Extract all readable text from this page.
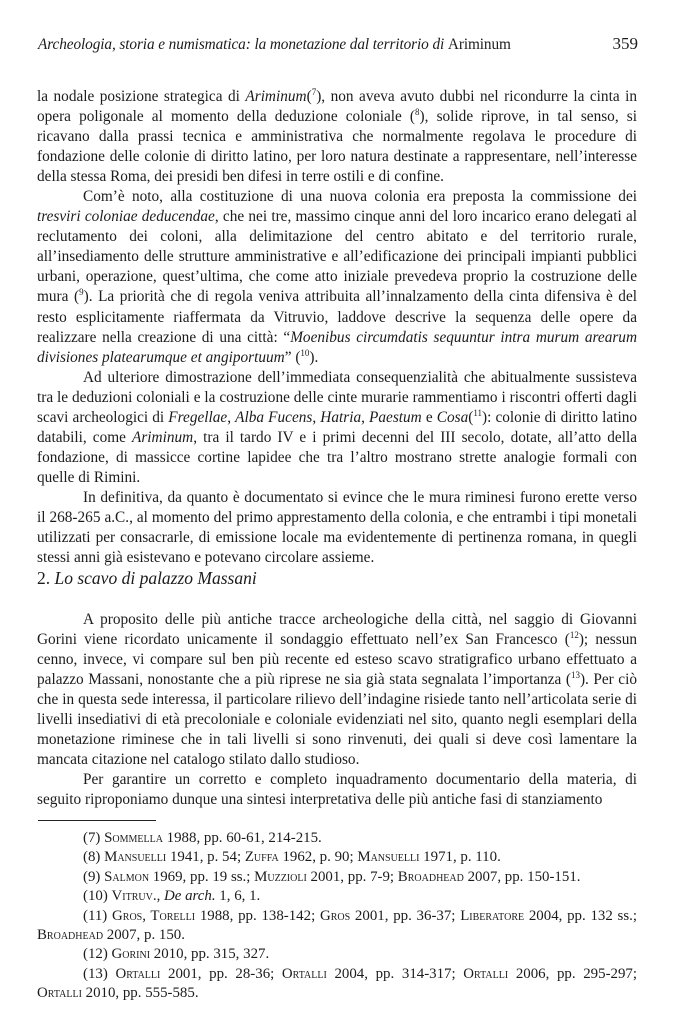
Archeologia, storia e numismatica: la monetazione dal territorio di Ariminum	359

la nodale posizione strategica di Ariminum($^7$), non aveva avuto dubbi nel ricondurre la cinta in opera poligonale al momento della deduzione coloniale ($^8$), solide riprove, in tal senso, si ricavano dalla prassi tecnica e amministrativa che normalmente regolava le procedure di fondazione delle colonie di diritto latino, per loro natura destinate a rappresentare, nell’interesse della stessa Roma, dei presidi ben difesi in terre ostili e di confine.

Com’è noto, alla costituzione di una nuova colonia era preposta la commissione dei tresviri coloniae deducendae, che nei tre, massimo cinque anni del loro incarico erano delegati al reclutamento dei coloni, alla delimitazione del centro abitato e del territorio rurale, all’insediamento delle strutture amministrative e all’edificazione dei principali impianti pubblici urbani, operazione, quest’ultima, che come atto iniziale prevedeva proprio la costruzione delle mura ($^9$). La priorità che di regola veniva attribuita all’innalzamento della cinta difensiva è del resto esplicitamente riaffermata da Vitruvio, laddove descrive la sequenza delle opere da realizzare nella creazione di una città: “Moenibus circumdatis sequuntur intra murum arearum divisiones platearumque et angiportuum” ($^{10}$).

Ad ulteriore dimostrazione dell’immediata consequenzialità che abitualmente sussisteva tra le deduzioni coloniali e la costruzione delle cinte murarie rammentiamo i riscontri offerti dagli scavi archeologici di Fregellae, Alba Fucens, Hatria, Paestum e Cosa($^{11}$): colonie di diritto latino databili, come Ariminum, tra il tardo IV e i primi decenni del III secolo, dotate, all’atto della fondazione, di massicce cortine lapidee che tra l’altro mostrano strette analogie formali con quelle di Rimini.

In definitiva, da quanto è documentato si evince che le mura riminesi furono erette verso il 268-265 a.C., al momento del primo apprestamento della colonia, e che entrambi i tipi monetali utilizzati per consacrarle, di emissione locale ma evidentemente di pertinenza romana, in quegli stessi anni già esistevano e potevano circolare assieme.

2. Lo scavo di palazzo Massani

A proposito delle più antiche tracce archeologiche della città, nel saggio di Giovanni Gorini viene ricordato unicamente il sondaggio effettuato nell’ex San Francesco ($^{12}$); nessun cenno, invece, vi compare sul ben più recente ed esteso scavo stratigrafico urbano effettuato a palazzo Massani, nonostante che a più riprese ne sia già stata segnalata l’importanza ($^{13}$). Per ciò che in questa sede interessa, il particolare rilievo dell’indagine risiede tanto nell’articolata serie di livelli insediativi di età precoloniale e coloniale evidenziati nel sito, quanto negli esemplari della monetazione riminese che in tali livelli si sono rinvenuti, dei quali si deve così lamentare la mancata citazione nel catalogo stilato dallo studioso.

Per garantire un corretto e completo inquadramento documentario della materia, di seguito riproponiamo dunque una sintesi interpretativa delle più antiche fasi di stanziamento

(7) Sommella 1988, pp. 60-61, 214-215.
(8) Mansuelli 1941, p. 54; Zuffa 1962, p. 90; Mansuelli 1971, p. 110.
(9) Salmon 1969, pp. 19 ss.; Muzzioli 2001, pp. 7-9; Broadhead 2007, pp. 150-151.
(10) Vitruv., De arch. 1, 6, 1.
(11) Gros, Torelli 1988, pp. 138-142; Gros 2001, pp. 36-37; Liberatore 2004, pp. 132 ss.; Broadhead 2007, p. 150.
(12) Gorini 2010, pp. 315, 327.
(13) Ortalli 2001, pp. 28-36; Ortalli 2004, pp. 314-317; Ortalli 2006, pp. 295-297; Ortalli 2010, pp. 555-585.
